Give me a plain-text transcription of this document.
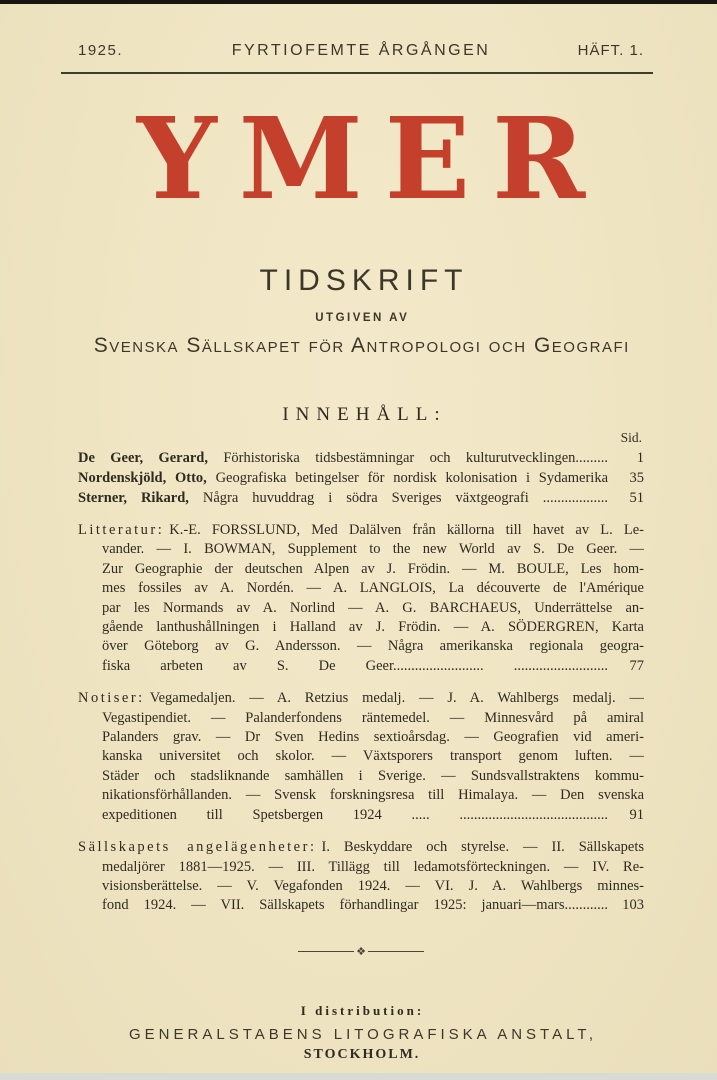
1925.	FYRTIOFEMTE ÅRGÅNGEN	HÄFT. 1.
YMER
TIDSKRIFT
UTGIVEN AV
Svenska Sällskapet för Antropologi och Geografi
INNEHÅLL:
Sid.
De Geer, Gerard, Förhistoriska tidsbestämningar och kulturutvecklingen.........	1
Nordenskjöld, Otto, Geografiska betingelser för nordisk kolonisation i Sydamerika	35
Sterner, Rikard, Några huvuddrag i södra Sveriges växtgeografi ..................	51
Litteratur: K.-E. FORSSLUND, Med Dalälven från källorna till havet av L. Le-
vander. — I. BOWMAN, Supplement to the new World av S. De Geer. —
Zur Geographie der deutschen Alpen av J. Frödin. — M. BOULE, Les hom-
mes fossiles av A. Nordén. — A. LANGLOIS, La découverte de l'Amérique
par les Normands av A. Norlind — A. G. BARCHAEUS, Underrättelse an-
gående lanthushållningen i Halland av J. Frödin. — A. SÖDERGREN, Karta
över Göteborg av G. Andersson. — Några amerikanska regionala geogra-
fiska arbeten av S. De Geer......................... ..........................	77
Notiser: Vegamedaljen. — A. Retzius medalj. — J. A. Wahlbergs medalj. —
Vegastipendiet. — Palanderfondens räntemedel. — Minnesvård på amiral
Palanders grav. — Dr Sven Hedins sextioårsdag. — Geografien vid ameri-
kanska universitet och skolor. — Växtsporers transport genom luften. —
Städer och stadsliknande samhällen i Sverige. — Sundsvallstraktens kommu-
nikationsförhållanden. — Svensk forskningsresa till Himalaya. — Den svenska
expeditionen till Spetsbergen 1924 ..... .........................................	91
Sällskapets angelägenheter: I. Beskyddare och styrelse. — II. Sällskapets
medaljörer 1881—1925. — III. Tillägg till ledamotsförteckningen. — IV. Re-
visionsberättelse. — V. Vegafonden 1924. — VI. J. A. Wahlbergs minnes-
fond 1924. — VII. Sällskapets förhandlingar 1925: januari—mars............ 103
❖
I distribution:
GENERALSTABENS LITOGRAFISKA ANSTALT,
STOCKHOLM.
